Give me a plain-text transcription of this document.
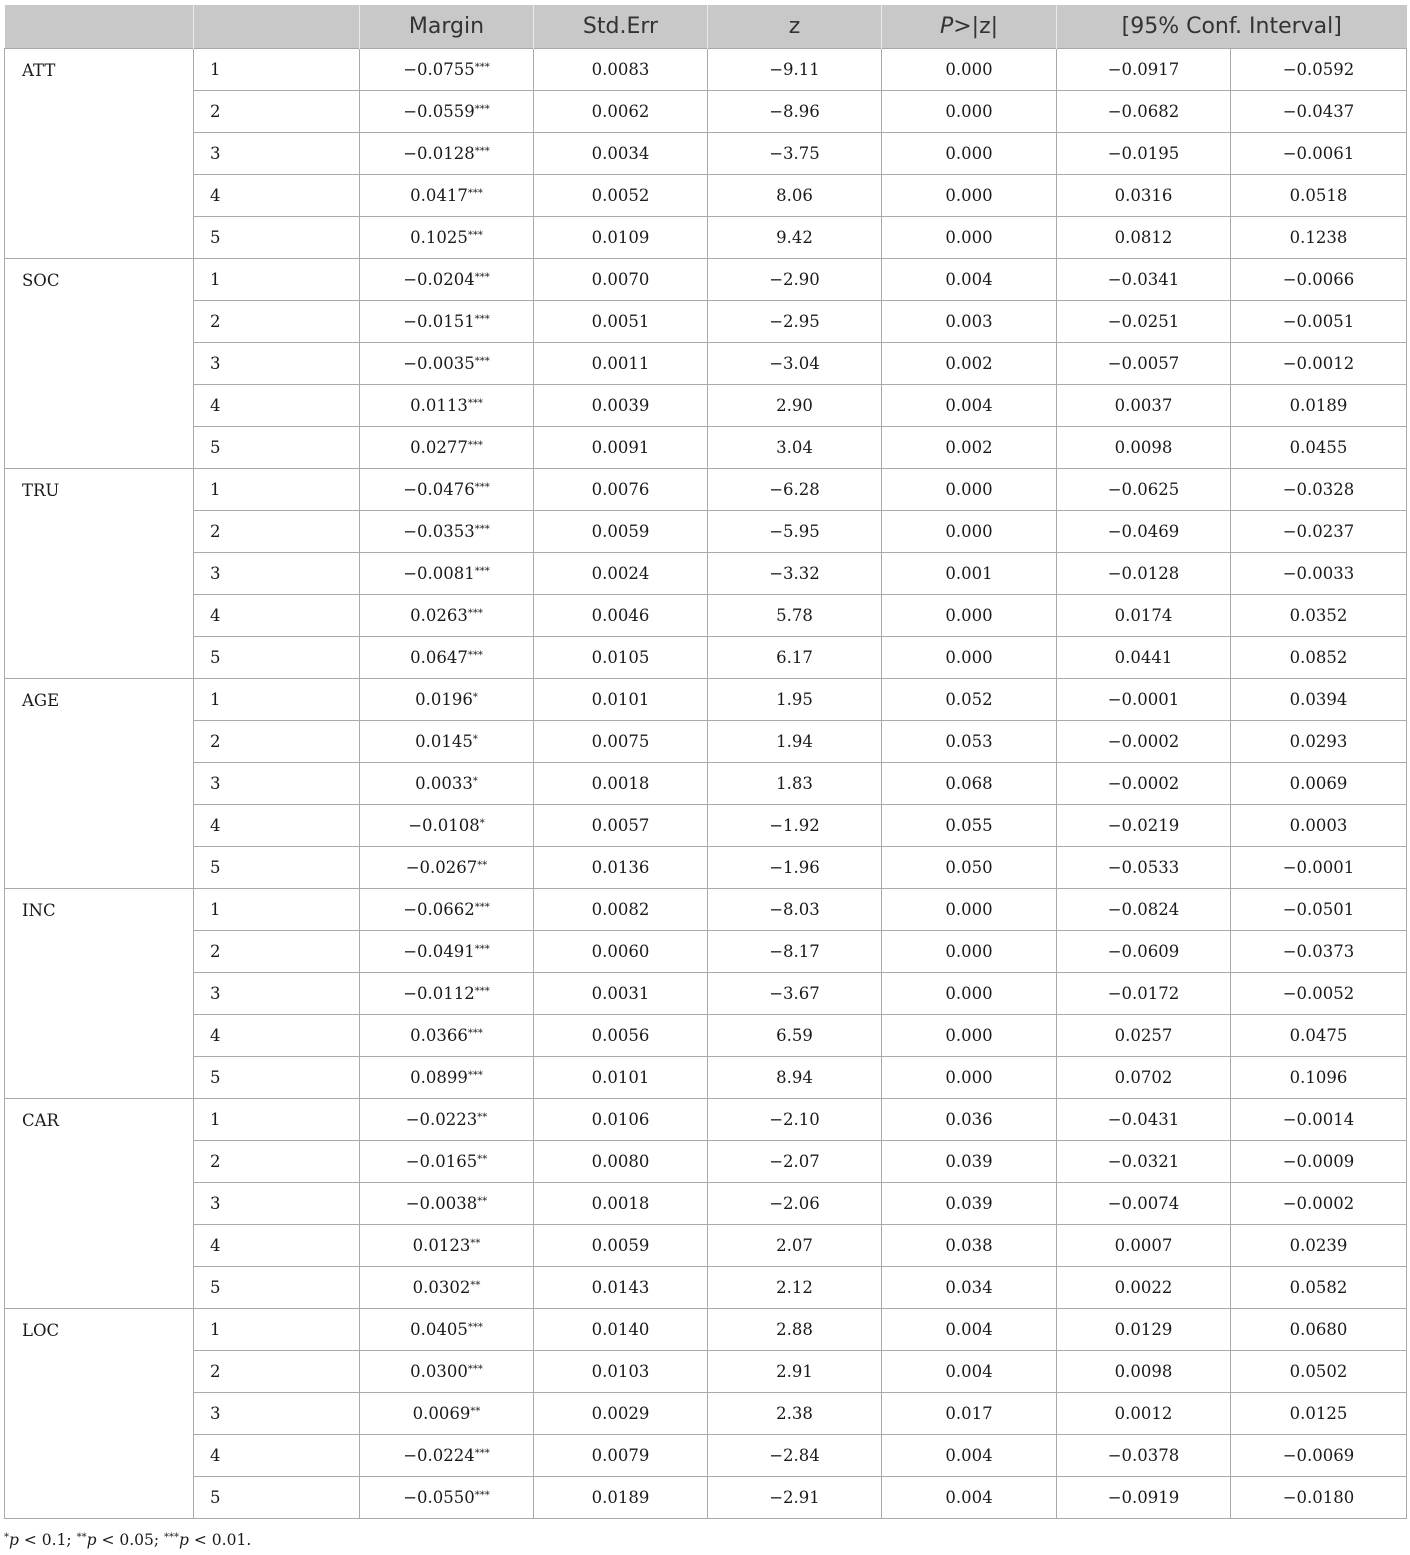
		Margin	Std.Err	z	P>|z|	[95% Conf. Interval]	
ATT	1	−0.0755***	0.0083	−9.11	0.000	−0.0917	−0.0592
	2	−0.0559***	0.0062	−8.96	0.000	−0.0682	−0.0437
	3	−0.0128***	0.0034	−3.75	0.000	−0.0195	−0.0061
	4	0.0417***	0.0052	8.06	0.000	0.0316	0.0518
	5	0.1025***	0.0109	9.42	0.000	0.0812	0.1238
SOC	1	−0.0204***	0.0070	−2.90	0.004	−0.0341	−0.0066
	2	−0.0151***	0.0051	−2.95	0.003	−0.0251	−0.0051
	3	−0.0035***	0.0011	−3.04	0.002	−0.0057	−0.0012
	4	0.0113***	0.0039	2.90	0.004	0.0037	0.0189
	5	0.0277***	0.0091	3.04	0.002	0.0098	0.0455
TRU	1	−0.0476***	0.0076	−6.28	0.000	−0.0625	−0.0328
	2	−0.0353***	0.0059	−5.95	0.000	−0.0469	−0.0237
	3	−0.0081***	0.0024	−3.32	0.001	−0.0128	−0.0033
	4	0.0263***	0.0046	5.78	0.000	0.0174	0.0352
	5	0.0647***	0.0105	6.17	0.000	0.0441	0.0852
AGE	1	0.0196*	0.0101	1.95	0.052	−0.0001	0.0394
	2	0.0145*	0.0075	1.94	0.053	−0.0002	0.0293
	3	0.0033*	0.0018	1.83	0.068	−0.0002	0.0069
	4	−0.0108*	0.0057	−1.92	0.055	−0.0219	0.0003
	5	−0.0267**	0.0136	−1.96	0.050	−0.0533	−0.0001
INC	1	−0.0662***	0.0082	−8.03	0.000	−0.0824	−0.0501
	2	−0.0491***	0.0060	−8.17	0.000	−0.0609	−0.0373
	3	−0.0112***	0.0031	−3.67	0.000	−0.0172	−0.0052
	4	0.0366***	0.0056	6.59	0.000	0.0257	0.0475
	5	0.0899***	0.0101	8.94	0.000	0.0702	0.1096
CAR	1	−0.0223**	0.0106	−2.10	0.036	−0.0431	−0.0014
	2	−0.0165**	0.0080	−2.07	0.039	−0.0321	−0.0009
	3	−0.0038**	0.0018	−2.06	0.039	−0.0074	−0.0002
	4	0.0123**	0.0059	2.07	0.038	0.0007	0.0239
	5	0.0302**	0.0143	2.12	0.034	0.0022	0.0582
LOC	1	0.0405***	0.0140	2.88	0.004	0.0129	0.0680
	2	0.0300***	0.0103	2.91	0.004	0.0098	0.0502
	3	0.0069**	0.0029	2.38	0.017	0.0012	0.0125
	4	−0.0224***	0.0079	−2.84	0.004	−0.0378	−0.0069
	5	−0.0550***	0.0189	−2.91	0.004	−0.0919	−0.0180
*p < 0.1; **p < 0.05; ***p < 0.01.
